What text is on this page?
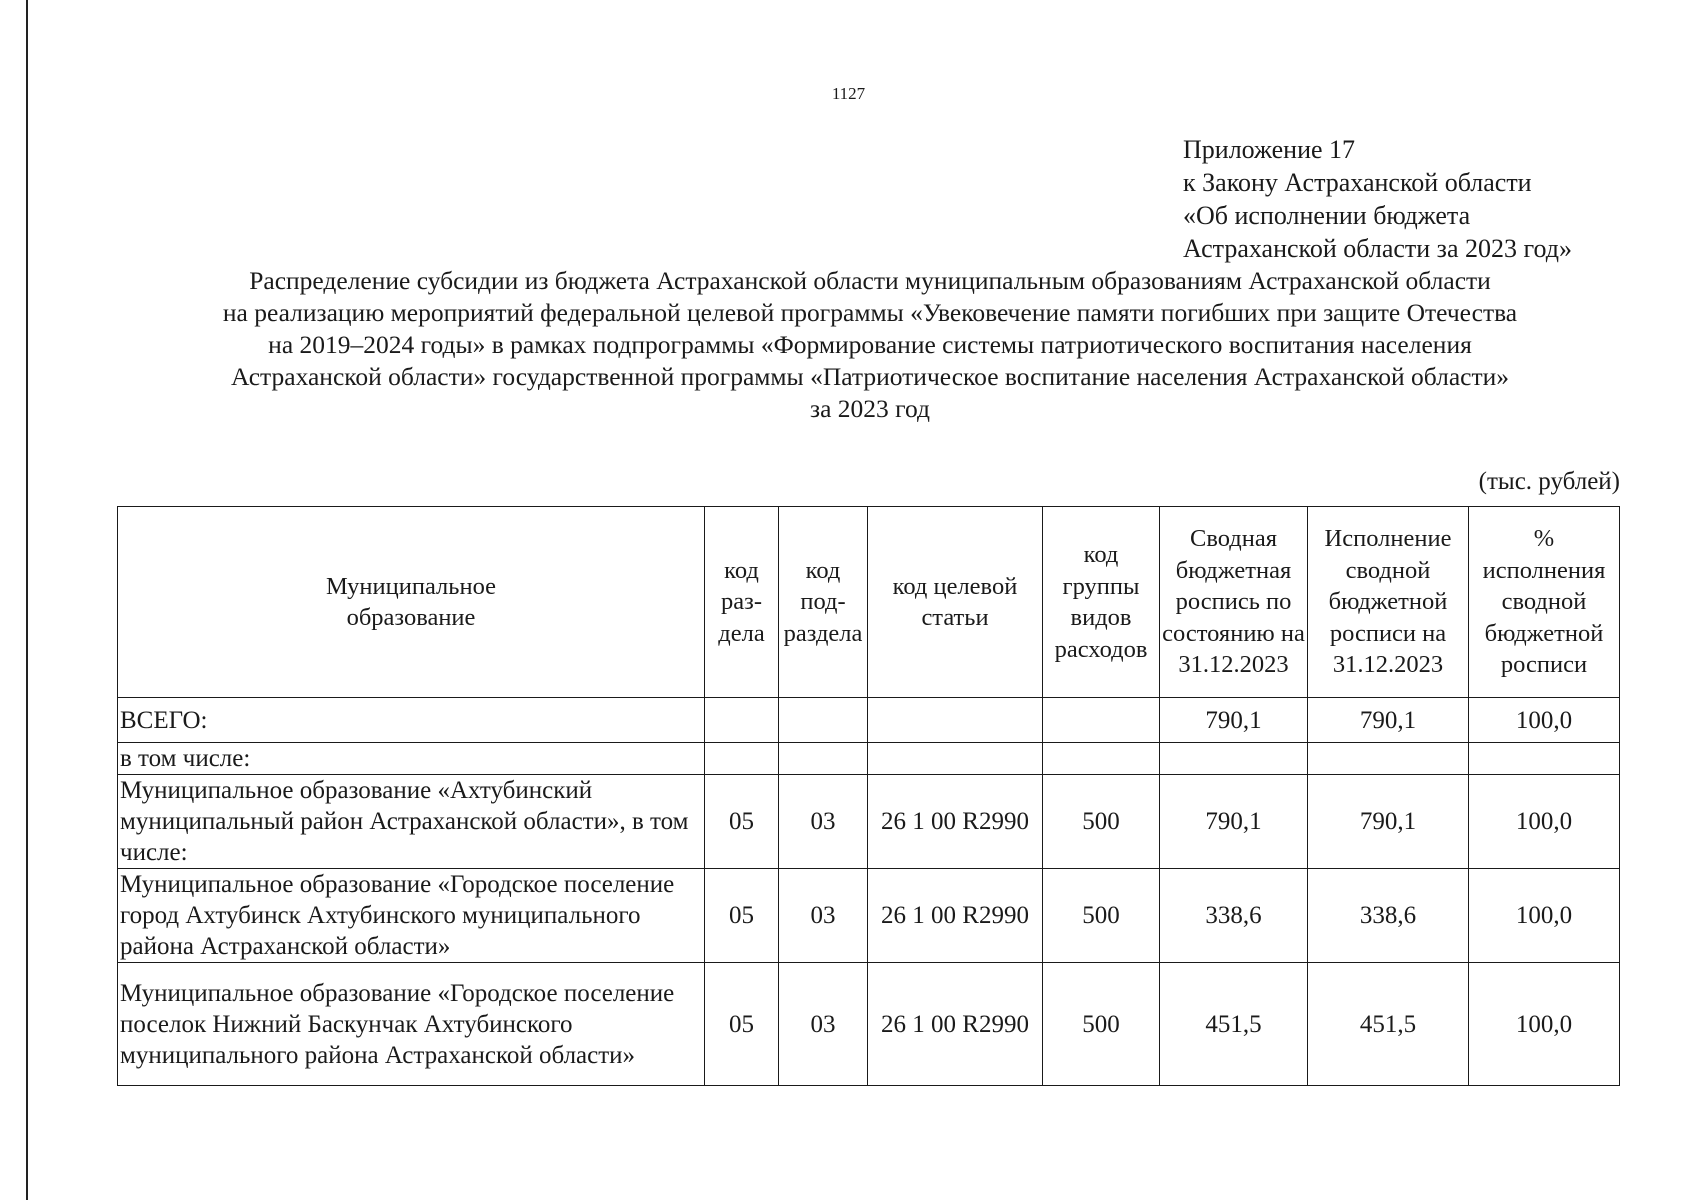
1127
Приложение 17
к Закону Астраханской области
«Об исполнении бюджета
Астраханской области за 2023 год»
Распределение субсидии из бюджета Астраханской области муниципальным образованиям Астраханской области
на реализацию мероприятий федеральной целевой программы «Увековечение памяти погибших при защите Отечества
на 2019–2024 годы» в рамках подпрограммы «Формирование системы патриотического воспитания населения
Астраханской области» государственной программы «Патриотическое воспитание населения Астраханской области»
за 2023 год
(тыс. рублей)
Муниципальное образование	код раз-дела	код под-раздела	код целевой статьи	код группы видов расходов	Сводная бюджетная роспись по состоянию на 31.12.2023	Исполнение сводной бюджетной росписи на 31.12.2023	% исполнения сводной бюджетной росписи
ВСЕГО:					790,1	790,1	100,0
в том числе:							
Муниципальное образование «Ахтубинский муниципальный район Астраханской области», в том числе:	05	03	26 1 00 R2990	500	790,1	790,1	100,0
Муниципальное образование «Городское поселение город Ахтубинск Ахтубинского муниципального района Астраханской области»	05	03	26 1 00 R2990	500	338,6	338,6	100,0
Муниципальное образование «Городское поселение поселок Нижний Баскунчак Ахтубинского муниципального района Астраханской области»	05	03	26 1 00 R2990	500	451,5	451,5	100,0
